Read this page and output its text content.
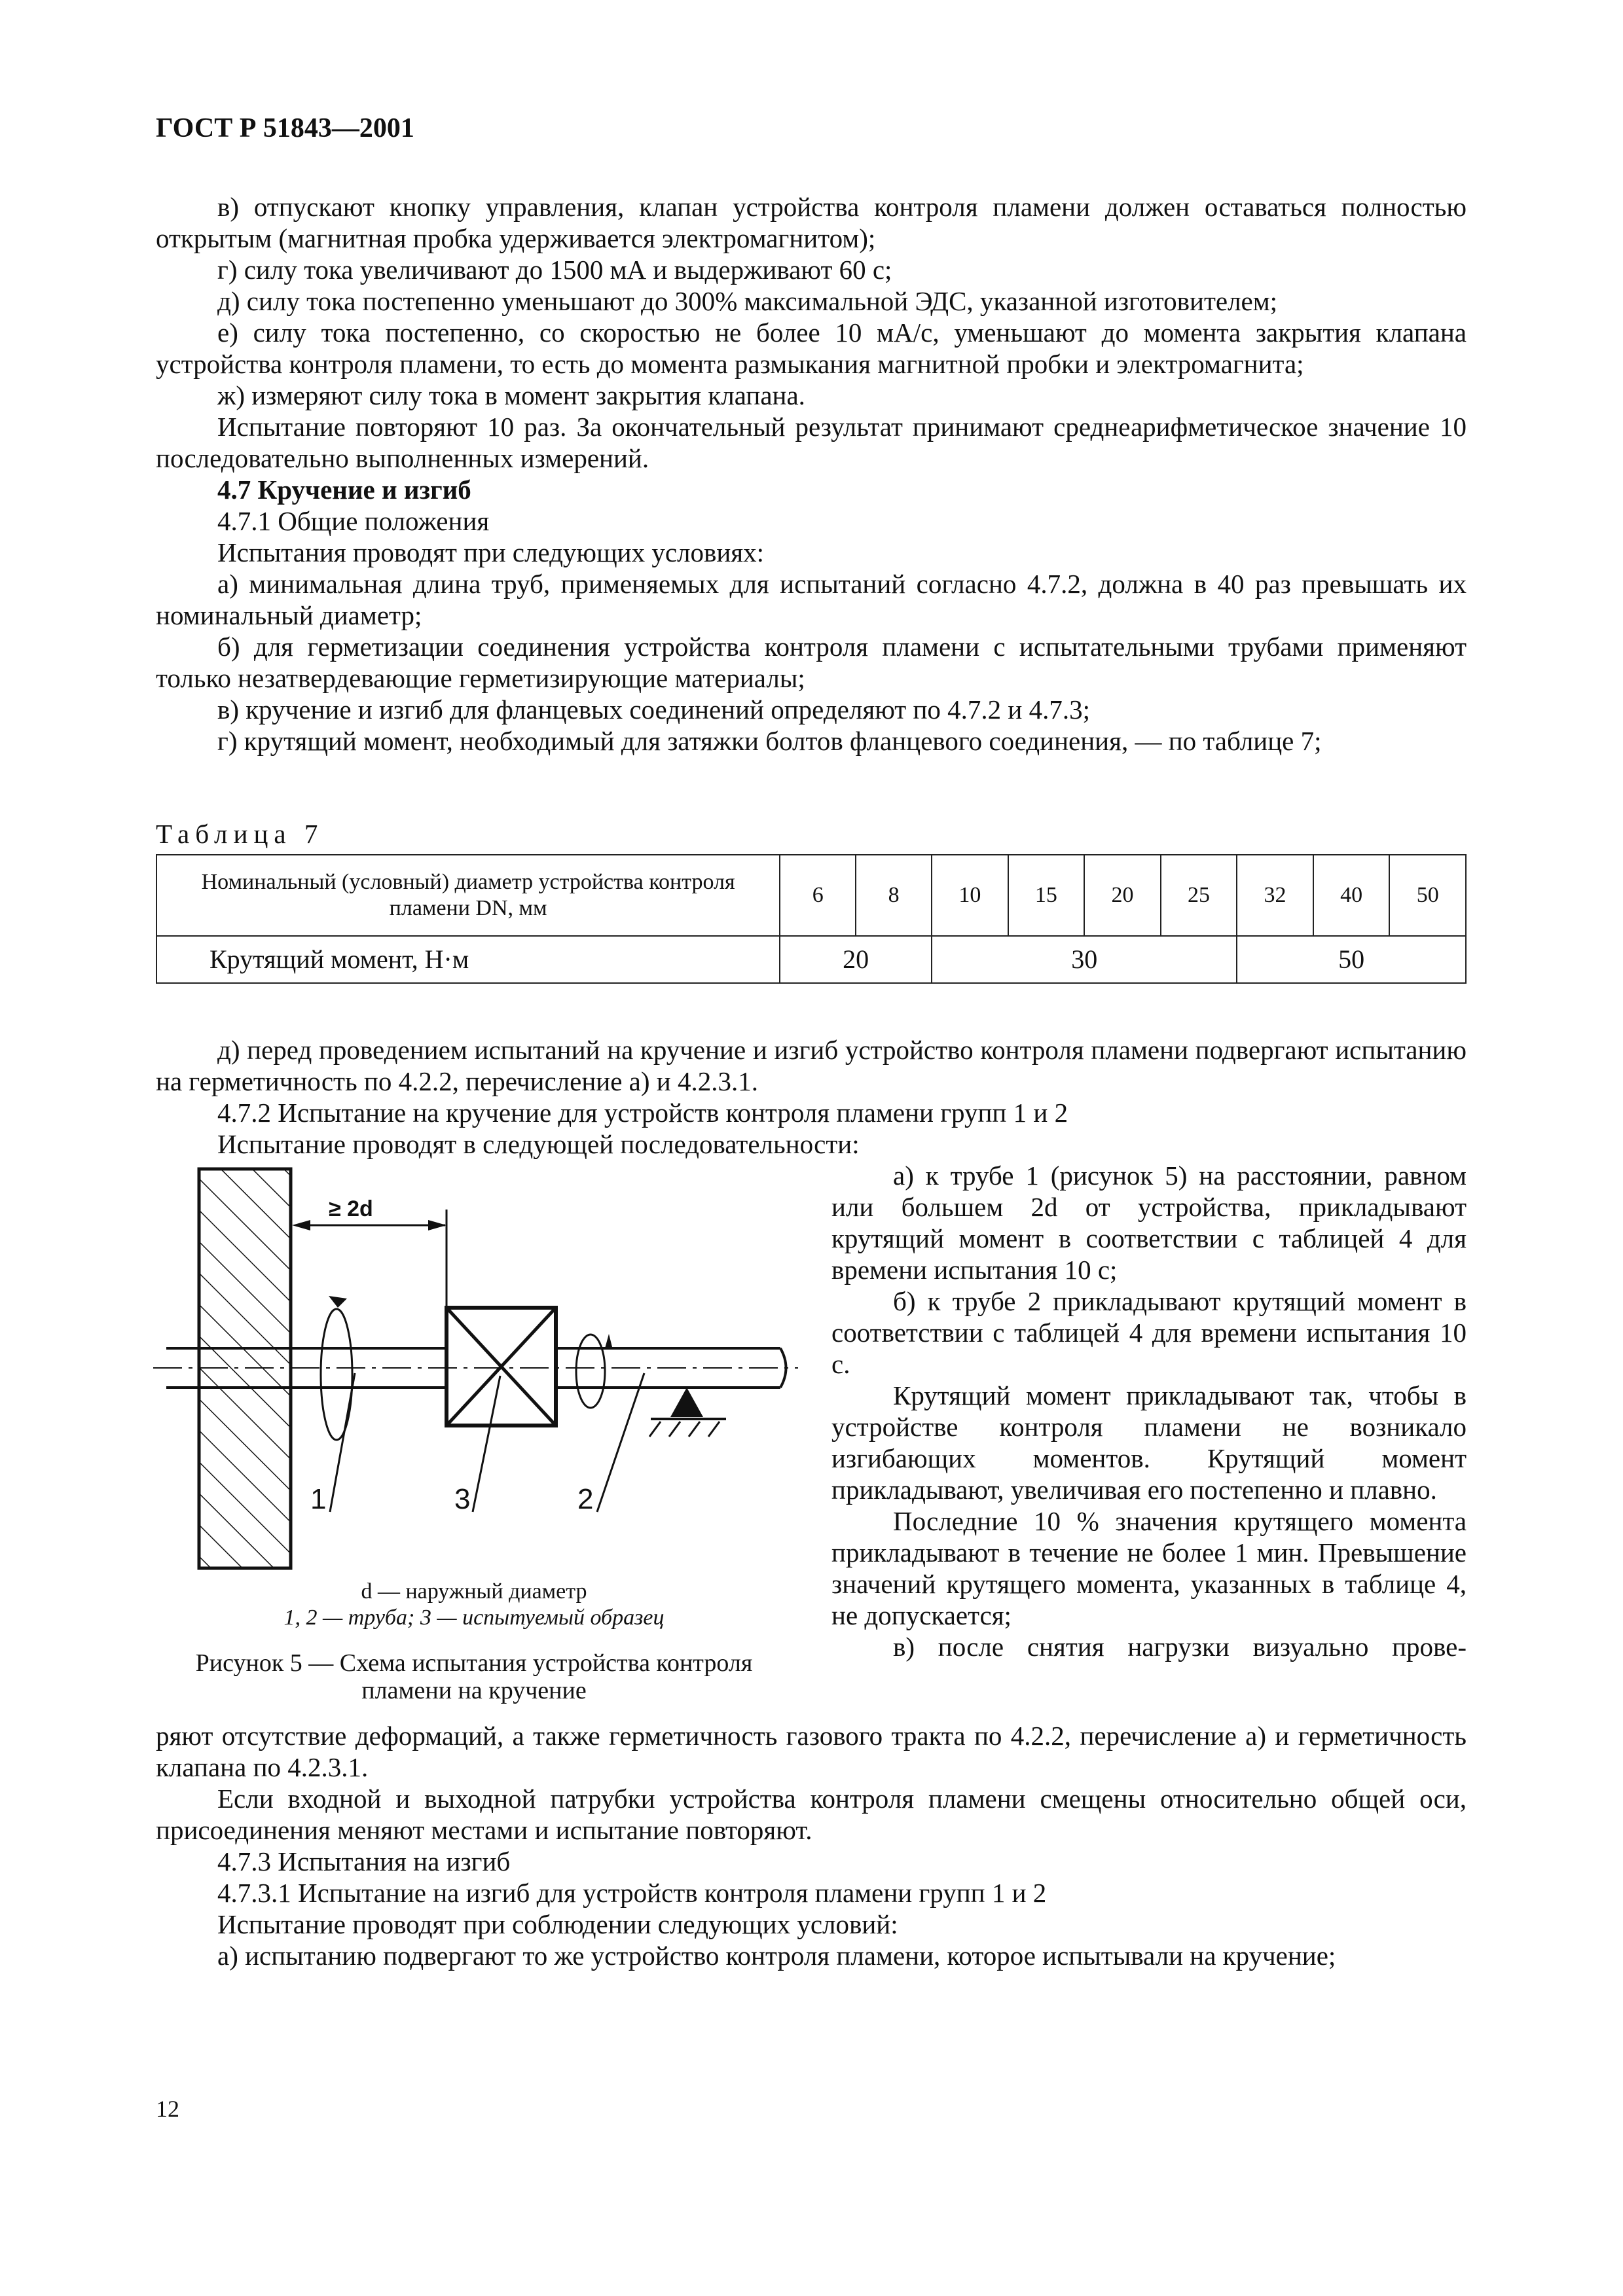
ГОСТ Р 51843—2001

в) отпускают кнопку управления, клапан устройства контроля пламени должен оставаться полностью открытым (магнитная пробка удерживается электромагнитом);

г) силу тока увеличивают до 1500 мА и выдерживают 60 с;

д) силу тока постепенно уменьшают до 300% максимальной ЭДС, указанной изготовителем;

е) силу тока постепенно, со скоростью не более 10 мА/с, уменьшают до момента закрытия клапана устройства контроля пламени, то есть до момента размыкания магнитной пробки и электромагнита;

ж) измеряют силу тока в момент закрытия клапана.

Испытание повторяют 10 раз. За окончательный результат принимают среднеарифметическое значение 10 последовательно выполненных измерений.

4.7 Кручение и изгиб

4.7.1 Общие положения

Испытания проводят при следующих условиях:

а) минимальная длина труб, применяемых для испытаний согласно 4.7.2, должна в 40 раз превышать их номинальный диаметр;

б) для герметизации соединения устройства контроля пламени с испытательными трубами применяют только незатвердевающие герметизирующие материалы;

в) кручение и изгиб для фланцевых соединений определяют по 4.7.2 и 4.7.3;

г) крутящий момент, необходимый для затяжки болтов фланцевого соединения, — по таблице 7;

Таблица 7
Номинальный (условный) диаметр устройства контроля пламени DN, мм	6	8	10	15	20	25	32	40	50
Крутящий момент, Н·м	20		30				50		

д) перед проведением испытаний на кручение и изгиб устройство контроля пламени подвергают испытанию на герметичность по 4.2.2, перечисление а) и 4.2.3.1.

4.7.2 Испытание на кручение для устройств контроля пламени групп 1 и 2

Испытание проводят в следующей последовательности:

≥ 2d
1	3	2
d — наружный диаметр
1, 2 — труба; 3 — испытуемый образец
Рисунок 5 — Схема испытания устройства контроля
пламени на кручение

а) к трубе 1 (рисунок 5) на расстоянии, равном или большем 2d от устройства, прикладывают крутящий момент в соответствии с таблицей 4 для времени испытания 10 с;

б) к трубе 2 прикладывают крутящий момент в соответствии с таблицей 4 для времени испытания 10 с.

Крутящий момент прикладывают так, чтобы в устройстве контроля пламени не возникало изгибающих моментов. Крутящий момент прикладывают, увеличивая его постепенно и плавно.

Последние 10 % значения крутящего момента прикладывают в течение не более 1 мин. Превышение значений крутящего момента, указанных в таблице 4, не допускается;

в) после снятия нагрузки визуально прове-

ряют отсутствие деформаций, а также герметичность газового тракта по 4.2.2, перечисление а) и герметичность клапана по 4.2.3.1.

Если входной и выходной патрубки устройства контроля пламени смещены относительно общей оси, присоединения меняют местами и испытание повторяют.

4.7.3 Испытания на изгиб

4.7.3.1 Испытание на изгиб для устройств контроля пламени групп 1 и 2

Испытание проводят при соблюдении следующих условий:

а) испытанию подвергают то же устройство контроля пламени, которое испытывали на кручение;

12
